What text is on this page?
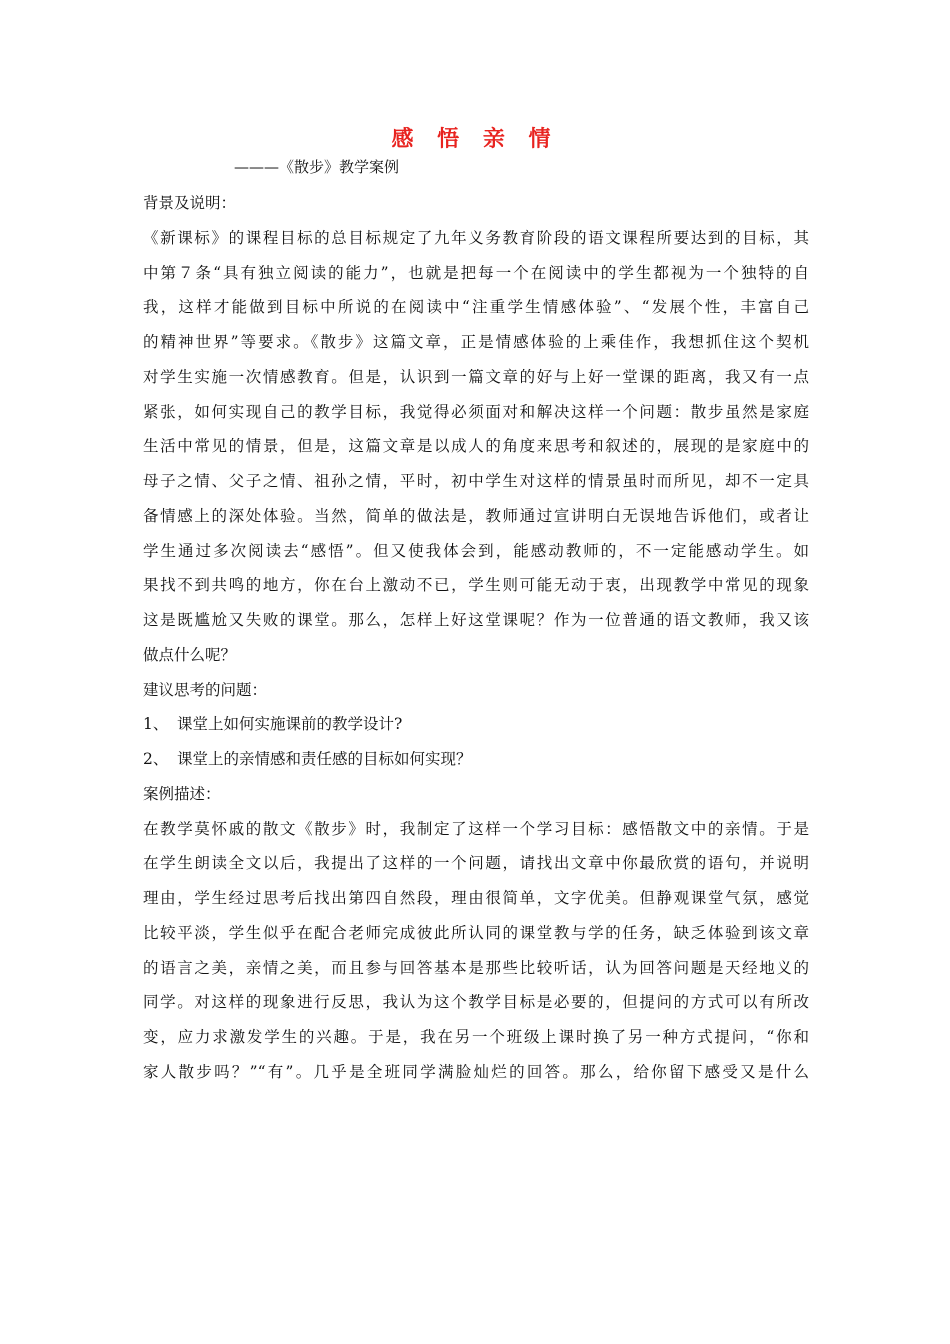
感 悟 亲 情

———《散步》教学案例

背景及说明：
《新课标》的课程目标的总目标规定了九年义务教育阶段的语文课程所要达到的目标，其
中第７条“具有独立阅读的能力”，也就是把每一个在阅读中的学生都视为一个独特的自
我，这样才能做到目标中所说的在阅读中“注重学生情感体验”、“发展个性，丰富自己
的精神世界”等要求。《散步》这篇文章，正是情感体验的上乘佳作，我想抓住这个契机
对学生实施一次情感教育。但是，认识到一篇文章的好与上好一堂课的距离，我又有一点
紧张，如何实现自己的教学目标，我觉得必须面对和解决这样一个问题：散步虽然是家庭
生活中常见的情景，但是，这篇文章是以成人的角度来思考和叙述的，展现的是家庭中的
母子之情、父子之情、祖孙之情，平时，初中学生对这样的情景虽时而所见，却不一定具
备情感上的深处体验。当然，简单的做法是，教师通过宣讲明白无误地告诉他们，或者让
学生通过多次阅读去“感悟”。但又使我体会到，能感动教师的，不一定能感动学生。如
果找不到共鸣的地方，你在台上激动不已，学生则可能无动于衷，出现教学中常见的现象
这是既尴尬又失败的课堂。那么，怎样上好这堂课呢？作为一位普通的语文教师，我又该
做点什么呢？
建议思考的问题：
1、 课堂上如何实施课前的教学设计?
2、 课堂上的亲情感和责任感的目标如何实现？
案例描述：
在教学莫怀戚的散文《散步》时，我制定了这样一个学习目标：感悟散文中的亲情。于是
在学生朗读全文以后，我提出了这样的一个问题，请找出文章中你最欣赏的语句，并说明
理由，学生经过思考后找出第四自然段，理由很简单，文字优美。但静观课堂气氛，感觉
比较平淡，学生似乎在配合老师完成彼此所认同的课堂教与学的任务，缺乏体验到该文章
的语言之美，亲情之美，而且参与回答基本是那些比较听话，认为回答问题是天经地义的
同学。对这样的现象进行反思，我认为这个教学目标是必要的，但提问的方式可以有所改
变，应力求激发学生的兴趣。于是，我在另一个班级上课时换了另一种方式提问，“你和
家人散步吗？”“有”。几乎是全班同学满脸灿烂的回答。那么，给你留下感受又是什么
